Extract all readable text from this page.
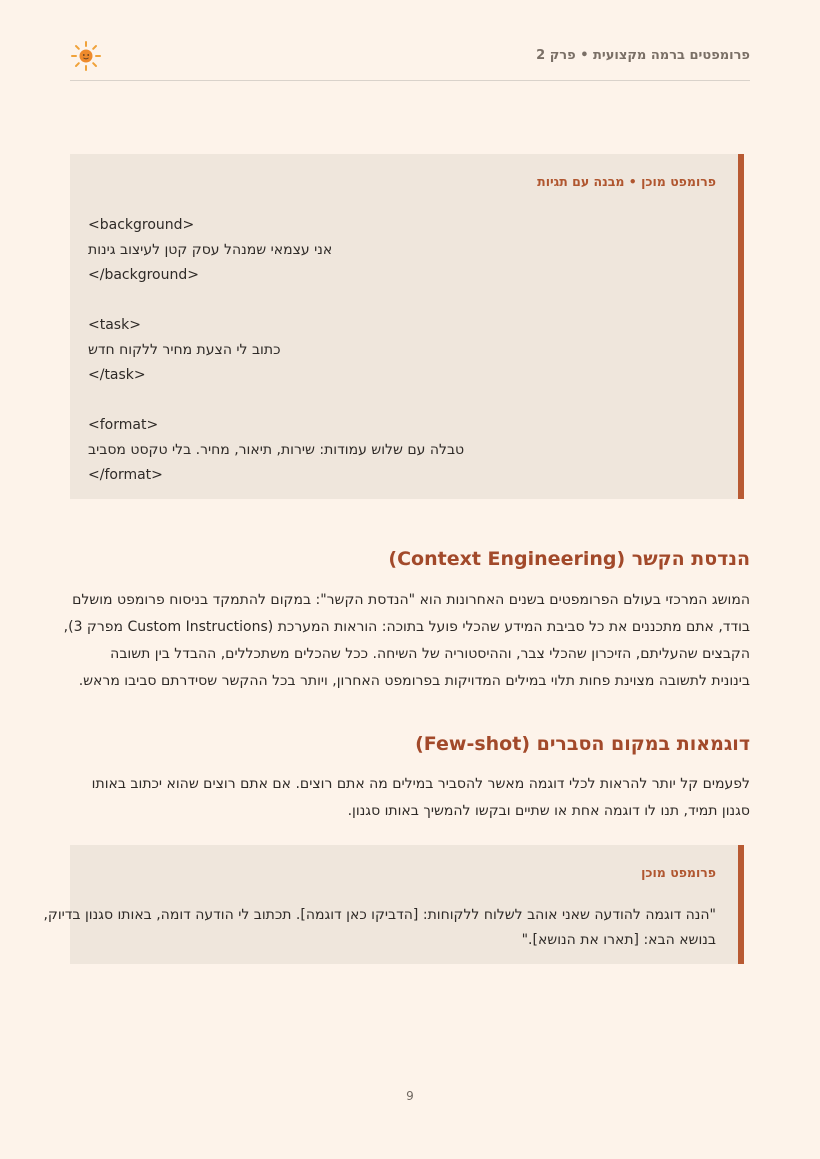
פרומפטים ברמה מקצועית • פרק 2
פרומפט מוכן • מבנה עם תגיות
<background>
אני עצמאי שמנהל עסק קטן לעיצוב גינות
</background>
<task>
כתוב לי הצעת מחיר ללקוח חדש
</task>
<format>
טבלה עם שלוש עמודות: שירות, תיאור, מחיר. בלי טקסט מסביב
</format>
הנדסת הקשר (Context Engineering)
המושג המרכזי בעולם הפרומפטים בשנים האחרונות הוא "הנדסת הקשר": במקום להתמקד בניסוח פרומפט מושלם
בודד, אתם מתכננים את כל סביבת המידע שהכלי פועל בתוכה: הוראות המערכת (Custom Instructions מפרק 3),
הקבצים שהעליתם, הזיכרון שהכלי צבר, וההיסטוריה של השיחה. ככל שהכלים משתכללים, ההבדל בין תשובה
בינונית לתשובה מצוינת פחות תלוי במילים המדויקות בפרומפט האחרון, ויותר בכל ההקשר שסידרתם סביבו מראש.
דוגמאות במקום הסברים (Few-shot)
לפעמים קל יותר להראות לכלי דוגמה מאשר להסביר במילים מה אתם רוצים. אם אתם רוצים שהוא יכתוב באותו
סגנון תמיד, תנו לו דוגמה אחת או שתיים ובקשו להמשיך באותו סגנון.
פרומפט מוכן
"הנה דוגמה להודעה שאני אוהב לשלוח ללקוחות: [הדביקו כאן דוגמה]. תכתוב לי הודעה דומה, באותו סגנון בדיוק,
בנושא הבא: [תארו את הנושא]."
9
